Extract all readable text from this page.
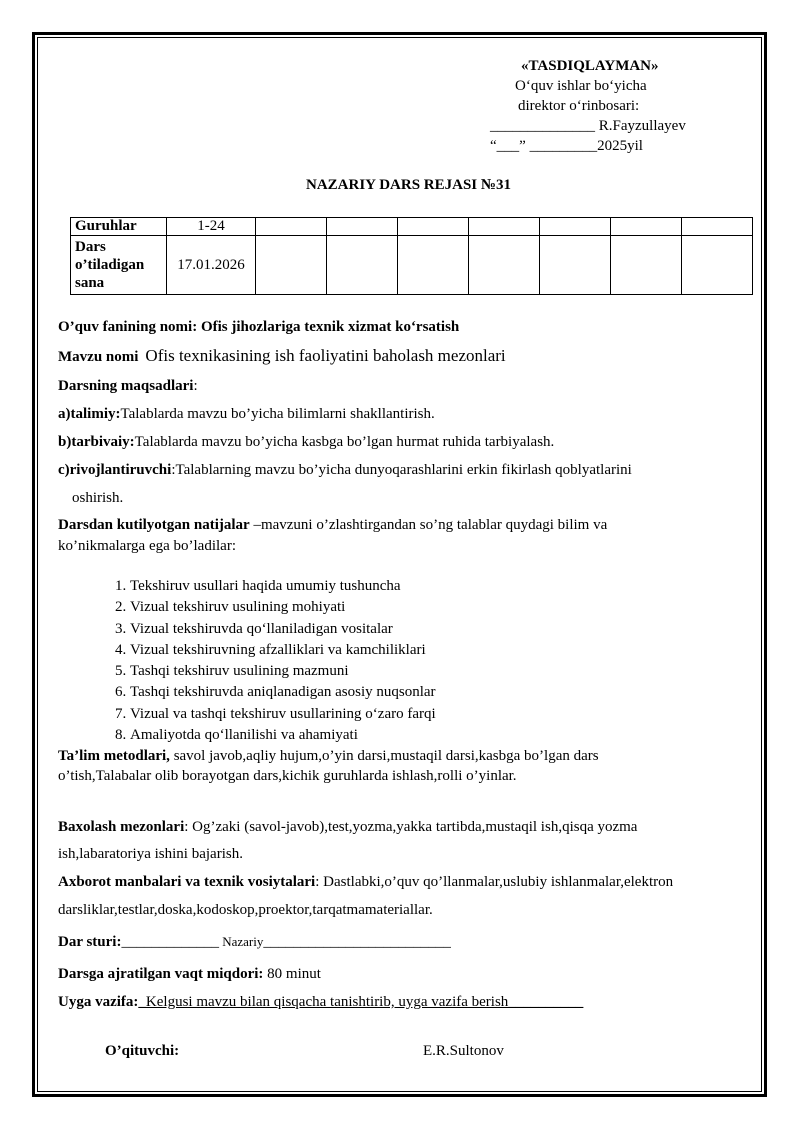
«TASDIQLAYMAN»
O‘quv ishlar bo‘yicha
direktor o‘rinbosari:
______________ R.Fayzullayev
“___” _________2025yil
NAZARIY DARS REJASI №31
Guruhlar	1-24							
Dars o’tiladigan sana	17.01.2026							
O’quv fanining nomi: Ofis jihozlariga texnik xizmat ko‘rsatish
Mavzu nomi Ofis texnikasining ish faoliyatini baholash mezonlari
Darsning maqsadlari:
a)talimiy:Talablarda mavzu bo’yicha bilimlarni shakllantirish.
b)tarbivaiy:Talablarda mavzu bo’yicha kasbga bo’lgan hurmat ruhida tarbiyalash.
c)rivojlantiruvchi:Talablarning mavzu bo’yicha dunyoqarashlarini erkin fikirlash qoblyatlarini
oshirish.
Darsdan kutilyotgan natijalar –mavzuni o’zlashtirgandan so’ng talablar quydagi bilim va
ko’nikmalarga ega bo’ladilar:
1. Tekshiruv usullari haqida umumiy tushuncha
2. Vizual tekshiruv usulining mohiyati
3. Vizual tekshiruvda qo‘llaniladigan vositalar
4. Vizual tekshiruvning afzalliklari va kamchiliklari
5. Tashqi tekshiruv usulining mazmuni
6. Tashqi tekshiruvda aniqlanadigan asosiy nuqsonlar
7. Vizual va tashqi tekshiruv usullarining o‘zaro farqi
8. Amaliyotda qo‘llanilishi va ahamiyati
Ta’lim metodlari, savol javob,aqliy hujum,o’yin darsi,mustaqil darsi,kasbga bo’lgan dars
o’tish,Talabalar olib borayotgan dars,kichik guruhlarda ishlash,rolli o’yinlar.
Baxolash mezonlari: Og’zaki (savol-javob),test,yozma,yakka tartibda,mustaqil ish,qisqa yozma
ish,labaratoriya ishini bajarish.
Axborot manbalari va texnik vosiytalari: Dastlabki,o’quv qo’llanmalar,uslubiy ishlanmalar,elektron
darsliklar,testlar,doska,kodoskop,proektor,tarqatmamateriallar.
Dar sturi:_____________ Nazariy_________________________
Darsga ajratilgan vaqt miqdori: 80 minut
Uyga vazifa:_Kelgusi mavzu bilan qisqacha tanishtirib, uyga vazifa berish__________
O’qituvchi:	E.R.Sultonov
